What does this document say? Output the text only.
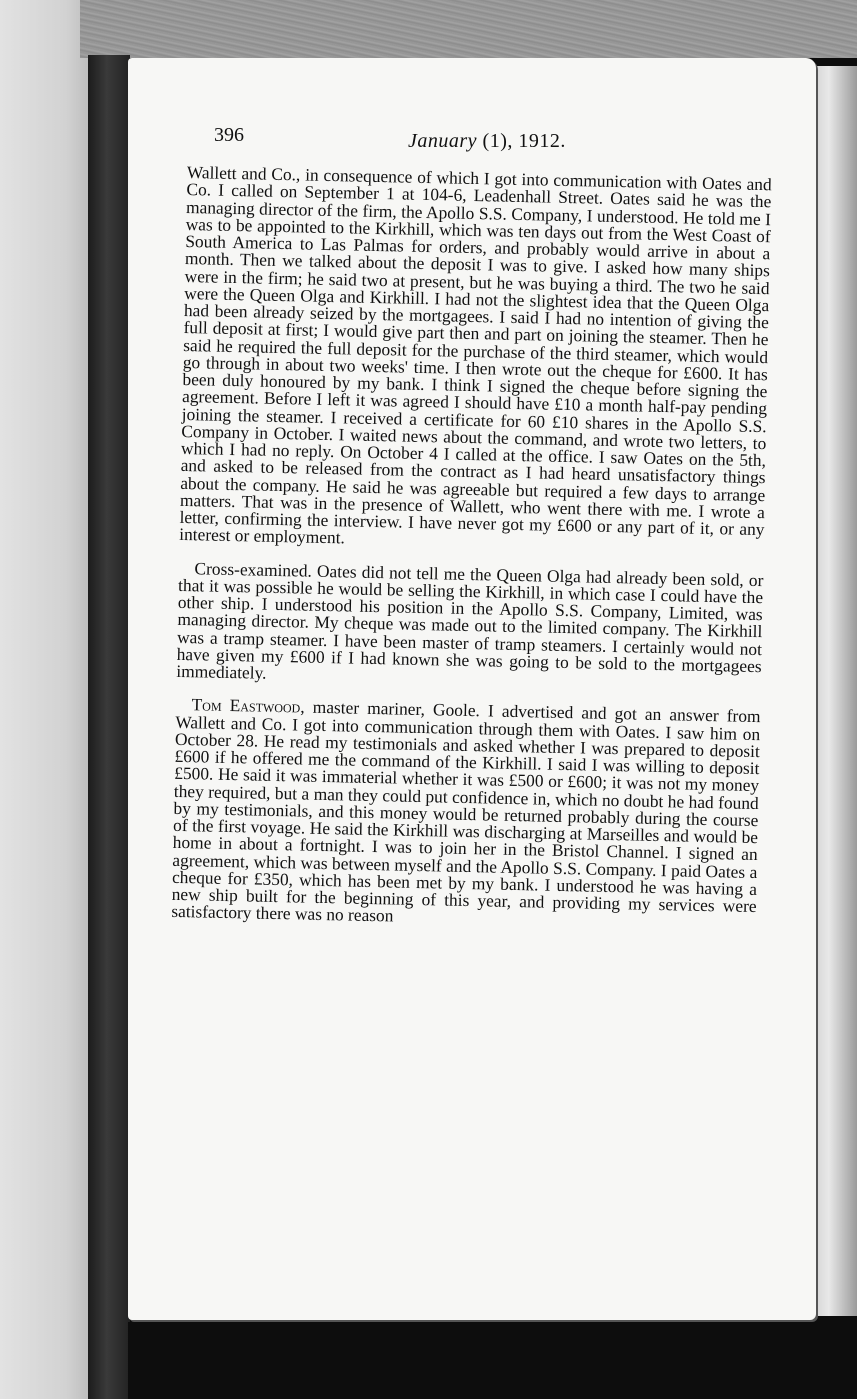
396	January (1), 1912.

Wallett and Co., in consequence of which I got into communication with Oates and Co. I called on September 1 at 104-6, Leadenhall Street. Oates said he was the managing director of the firm, the Apollo S.S. Company, I understood. He told me I was to be appointed to the Kirkhill, which was ten days out from the West Coast of South America to Las Palmas for orders, and probably would arrive in about a month. Then we talked about the deposit I was to give. I asked how many ships were in the firm; he said two at present, but he was buying a third. The two he said were the Queen Olga and Kirkhill. I had not the slightest idea that the Queen Olga had been already seized by the mortgagees. I said I had no intention of giving the full deposit at first; I would give part then and part on joining the steamer. Then he said he required the full deposit for the purchase of the third steamer, which would go through in about two weeks' time. I then wrote out the cheque for £600. It has been duly honoured by my bank. I think I signed the cheque before signing the agreement. Before I left it was agreed I should have £10 a month half-pay pending joining the steamer. I received a certificate for 60 £10 shares in the Apollo S.S. Company in October. I waited news about the command, and wrote two letters, to which I had no reply. On October 4 I called at the office. I saw Oates on the 5th, and asked to be released from the contract as I had heard unsatisfactory things about the company. He said he was agreeable but required a few days to arrange matters. That was in the presence of Wallett, who went there with me. I wrote a letter, confirming the interview. I have never got my £600 or any part of it, or any interest or employment.

Cross-examined. Oates did not tell me the Queen Olga had already been sold, or that it was possible he would be selling the Kirkhill, in which case I could have the other ship. I understood his position in the Apollo S.S. Company, Limited, was managing director. My cheque was made out to the limited company. The Kirkhill was a tramp steamer. I have been master of tramp steamers. I certainly would not have given my £600 if I had known she was going to be sold to the mortgagees immediately.

Tom Eastwood, master mariner, Goole. I advertised and got an answer from Wallett and Co. I got into communication through them with Oates. I saw him on October 28. He read my testimonials and asked whether I was prepared to deposit £600 if he offered me the command of the Kirkhill. I said I was willing to deposit £500. He said it was immaterial whether it was £500 or £600; it was not my money they required, but a man they could put confidence in, which no doubt he had found by my testimonials, and this money would be returned probably during the course of the first voyage. He said the Kirkhill was discharging at Marseilles and would be home in about a fortnight. I was to join her in the Bristol Channel. I signed an agreement, which was between myself and the Apollo S.S. Company. I paid Oates a cheque for £350, which has been met by my bank. I understood he was having a new ship built for the beginning of this year, and providing my services were satisfactory there was no reason
